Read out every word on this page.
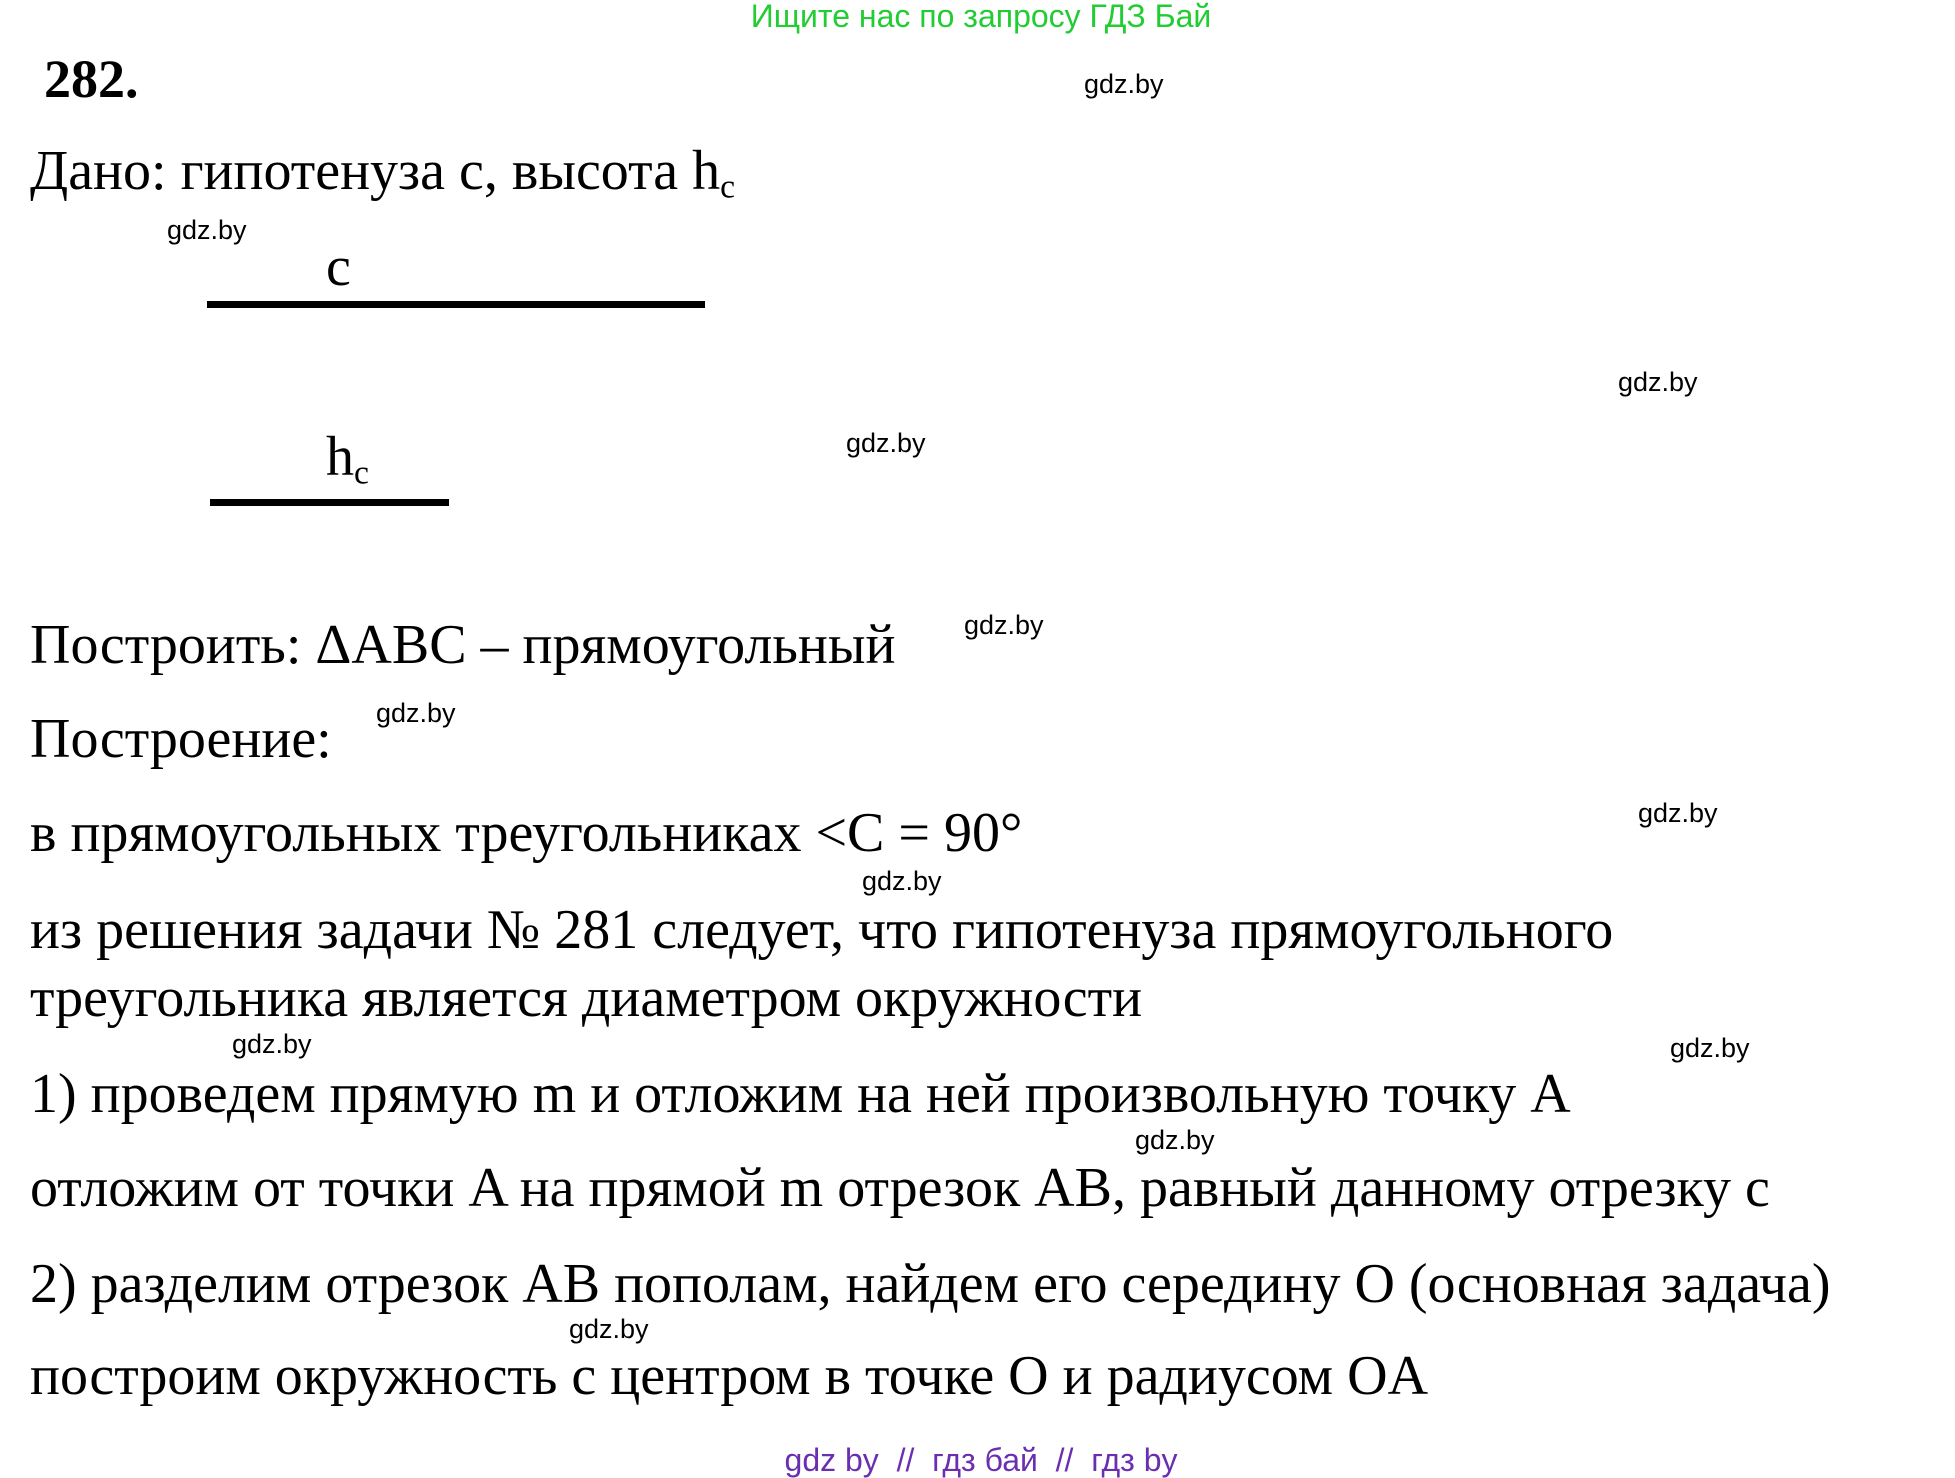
Ищите нас по запросу ГДЗ Бай
282.
Дано: гипотенуза c, высота $h_c$
c
$h_c$
Построить: ΔABC – прямоугольный
Построение:
в прямоугольных треугольниках <C = 90°
из решения задачи № 281 следует, что гипотенуза прямоугольного
треугольника является диаметром окружности
1) проведем прямую m и отложим на ней произвольную точку A
отложим от точки A на прямой m отрезок AB, равный данному отрезку c
2) разделим отрезок AB пополам, найдем его середину O (основная задача)
построим окружность с центром в точке O и радиусом OA
gdz.by
gdz.by
gdz.by
gdz.by
gdz.by
gdz.by
gdz.by
gdz.by
gdz.by	gdz.by
gdz.by
gdz.by
gdz by  //  гдз бай  //  гдз by
